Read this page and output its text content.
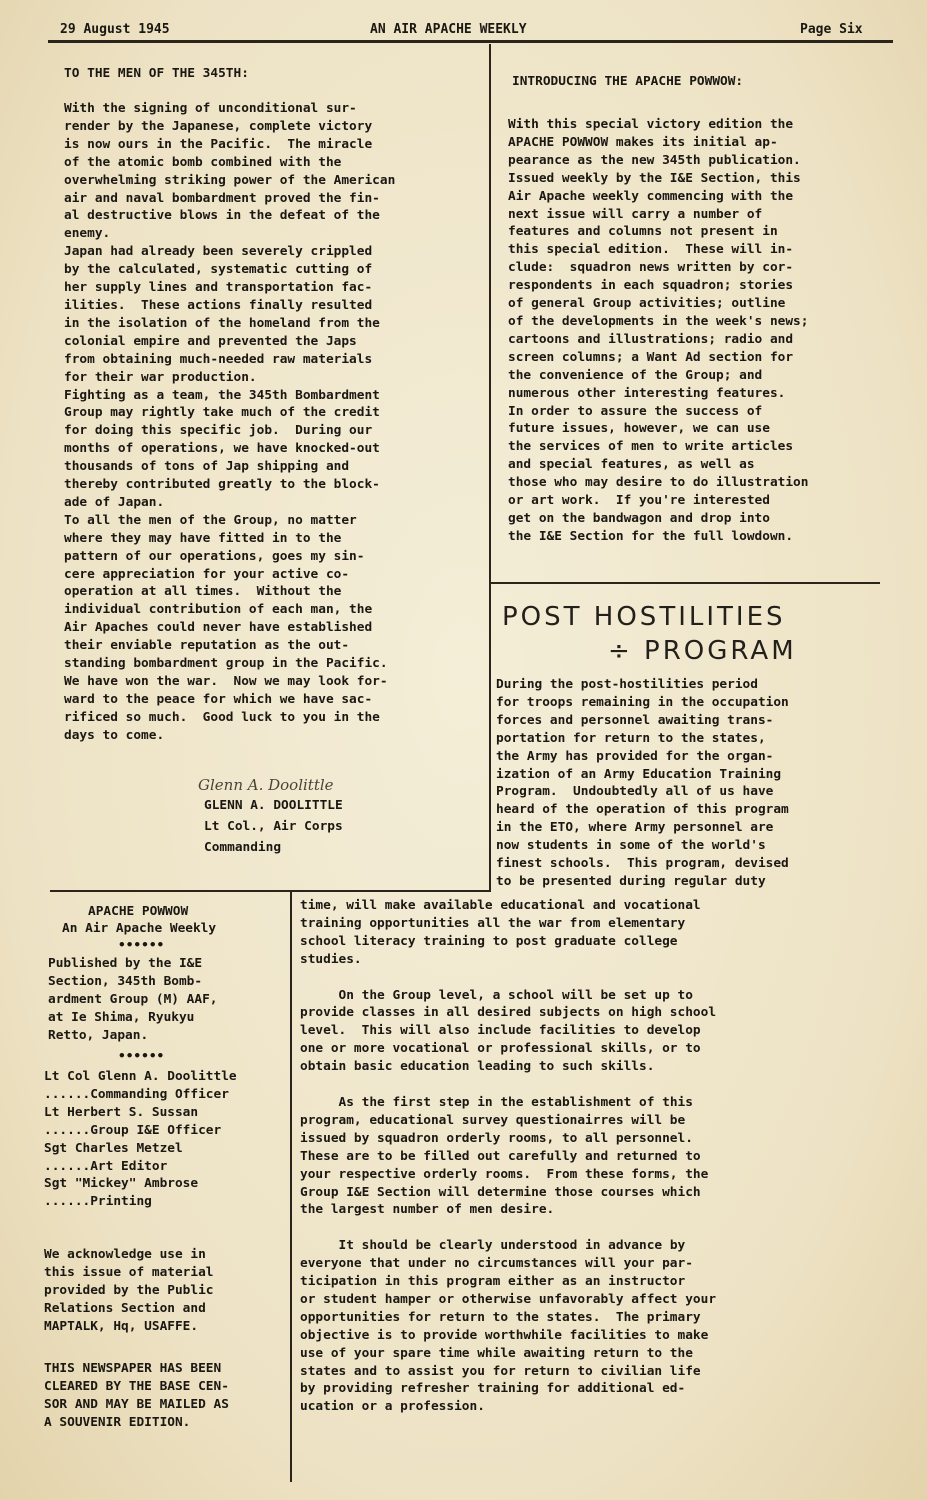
29 August 1945	AN AIR APACHE WEEKLY	Page Six
TO THE MEN OF THE 345TH:
With the signing of unconditional sur-
render by the Japanese, complete victory
is now ours in the Pacific.  The miracle
of the atomic bomb combined with the
overwhelming striking power of the American
air and naval bombardment proved the fin-
al destructive blows in the defeat of the
enemy.
Japan had already been severely crippled
by the calculated, systematic cutting of
her supply lines and transportation fac-
ilities.  These actions finally resulted
in the isolation of the homeland from the
colonial empire and prevented the Japs
from obtaining much-needed raw materials
for their war production.
Fighting as a team, the 345th Bombardment
Group may rightly take much of the credit
for doing this specific job.  During our
months of operations, we have knocked-out
thousands of tons of Jap shipping and
thereby contributed greatly to the block-
ade of Japan.
To all the men of the Group, no matter
where they may have fitted in to the
pattern of our operations, goes my sin-
cere appreciation for your active co-
operation at all times.  Without the
individual contribution of each man, the
Air Apaches could never have established
their enviable reputation as the out-
standing bombardment group in the Pacific.
We have won the war.  Now we may look for-
ward to the peace for which we have sac-
rificed so much.  Good luck to you in the
days to come.
Glenn A. Doolittle
GLENN A. DOOLITTLE
Lt Col., Air Corps
Commanding
INTRODUCING THE APACHE POWWOW:
With this special victory edition the
APACHE POWWOW makes its initial ap-
pearance as the new 345th publication.
Issued weekly by the I&E Section, this
Air Apache weekly commencing with the
next issue will carry a number of
features and columns not present in
this special edition.  These will in-
clude:  squadron news written by cor-
respondents in each squadron; stories
of general Group activities; outline
of the developments in the week's news;
cartoons and illustrations; radio and
screen columns; a Want Ad section for
the convenience of the Group; and
numerous other interesting features.
In order to assure the success of
future issues, however, we can use
the services of men to write articles
and special features, as well as
those who may desire to do illustration
or art work.  If you're interested
get on the bandwagon and drop into
the I&E Section for the full lowdown.
POST HOSTILITIES
÷ PROGRAM
During the post-hostilities period
for troops remaining in the occupation
forces and personnel awaiting trans-
portation for return to the states,
the Army has provided for the organ-
ization of an Army Education Training
Program.  Undoubtedly all of us have
heard of the operation of this program
in the ETO, where Army personnel are
now students in some of the world's
finest schools.  This program, devised
to be presented during regular duty
time, will make available educational and vocational
training opportunities all the war from elementary
school literacy training to post graduate college
studies.

On the Group level, a school will be set up to
provide classes in all desired subjects on high school
level.  This will also include facilities to develop
one or more vocational or professional skills, or to
obtain basic education leading to such skills.

As the first step in the establishment of this
program, educational survey questionairres will be
issued by squadron orderly rooms, to all personnel.
These are to be filled out carefully and returned to
your respective orderly rooms.  From these forms, the
Group I&E Section will determine those courses which
the largest number of men desire.

It should be clearly understood in advance by
everyone that under no circumstances will your par-
ticipation in this program either as an instructor
or student hamper or otherwise unfavorably affect your
opportunities for return to the states.  The primary
objective is to provide worthwhile facilities to make
use of your spare time while awaiting return to the
states and to assist you for return to civilian life
by providing refresher training for additional ed-
ucation or a profession.
APACHE POWWOW
An Air Apache Weekly
••••••
Published by the I&E
Section, 345th Bomb-
ardment Group (M) AAF,
at Ie Shima, Ryukyu
Retto, Japan.
••••••
Lt Col Glenn A. Doolittle
......Commanding Officer
Lt Herbert S. Sussan
......Group I&E Officer
Sgt Charles Metzel
......Art Editor
Sgt "Mickey" Ambrose
......Printing
We acknowledge use in
this issue of material
provided by the Public
Relations Section and
MAPTALK, Hq, USAFFE.
THIS NEWSPAPER HAS BEEN
CLEARED BY THE BASE CEN-
SOR AND MAY BE MAILED AS
A SOUVENIR EDITION.
